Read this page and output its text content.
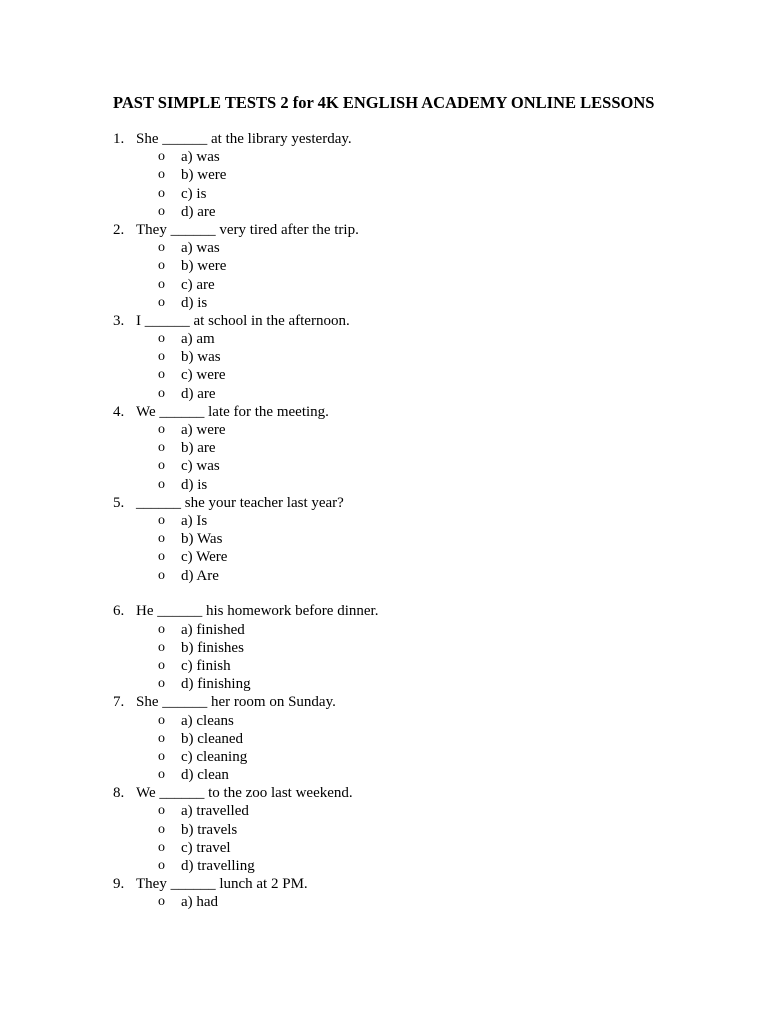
PAST SIMPLE TESTS 2 for 4K ENGLISH ACADEMY ONLINE LESSONS
1. She ______ at the library yesterday.
o a) was
o b) were
o c) is
o d) are
2. They ______ very tired after the trip.
o a) was
o b) were
o c) are
o d) is
3. I ______ at school in the afternoon.
o a) am
o b) was
o c) were
o d) are
4. We ______ late for the meeting.
o a) were
o b) are
o c) was
o d) is
5. ______ she your teacher last year?
o a) Is
o b) Was
o c) Were
o d) Are
6. He ______ his homework before dinner.
o a) finished
o b) finishes
o c) finish
o d) finishing
7. She ______ her room on Sunday.
o a) cleans
o b) cleaned
o c) cleaning
o d) clean
8. We ______ to the zoo last weekend.
o a) travelled
o b) travels
o c) travel
o d) travelling
9. They ______ lunch at 2 PM.
o a) had
